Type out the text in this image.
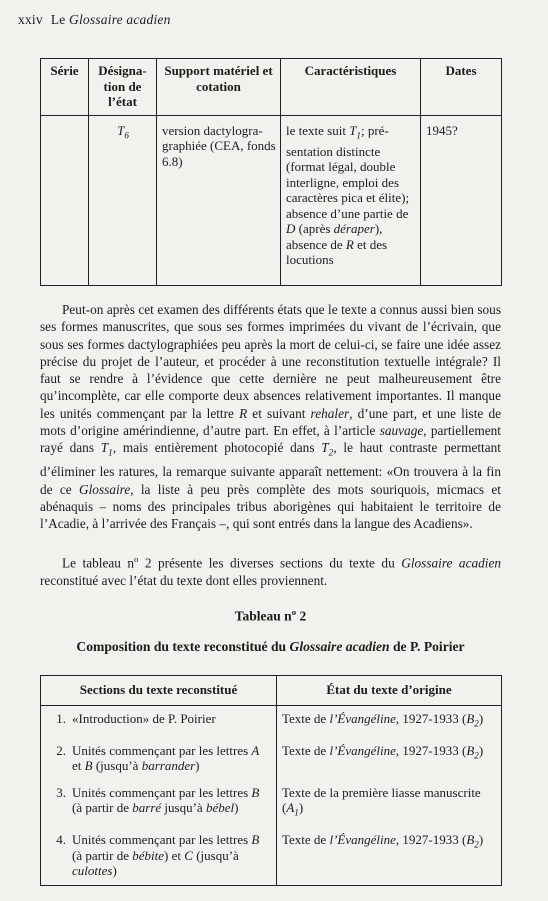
xxiv Le Glossaire acadien
Série	Désigna-tion de l’état	Support matériel et cotation	Caractéristiques	Dates
	$T_6$	version dactylogra-graphiée (CEA, fonds 6.8)	le texte suit $T_1$; pré-sentation distincte (format légal, double interligne, emploi des caractères pica et élite); absence d’une partie de D (après déraper), absence de R et des locutions	1945?

Peut-on après cet examen des différents états que le texte a connus aussi bien sous ses formes manuscrites, que sous ses formes imprimées du vivant de l’écrivain, que sous ses formes dactylographiées peu après la mort de celui-ci, se faire une idée assez précise du projet de l’auteur, et procéder à une reconstitution textuelle intégrale? Il faut se rendre à l’évidence que cette dernière ne peut malheureusement être qu’incomplète, car elle comporte deux absences relativement importantes. Il manque les unités commençant par la lettre R et suivant rehaler, d’une part, et une liste de mots d’origine amérindienne, d’autre part. En effet, à l’article sauvage, partiellement rayé dans $T_1$, mais entièrement photocopié dans $T_2$, le haut contraste permettant d’éliminer les ratures, la remarque suivante apparaît nettement: «On trouvera à la fin de ce Glossaire, la liste à peu près complète des mots souriquois, micmacs et abénaquis – noms des principales tribus aborigènes qui habitaient le territoire de l’Acadie, à l’arrivée des Français –, qui sont entrés dans la langue des Acadiens».

Le tableau $n^o$ 2 présente les diverses sections du texte du Glossaire acadien reconstitué avec l’état du texte dont elles proviennent.

Tableau $n^o$ 2

Composition du texte reconstitué du Glossaire acadien de P. Poirier

Sections du texte reconstitué	État du texte d’origine

1. «Introduction» de P. Poirier	Texte de l’Évangéline, 1927-1933 $(B_2)$

2. Unités commençant par les lettres A et B (jusqu’à barrander)	Texte de l’Évangéline, 1927-1933 $(B_2)$

3. Unités commençant par les lettres B (à partir de barré jusqu’à bébel)	Texte de la première liasse manuscrite $(A_1)$

4. Unités commençant par les lettres B (à partir de bébite) et C (jusqu’à culottes)	Texte de l’Évangéline, 1927-1933 $(B_2)$
